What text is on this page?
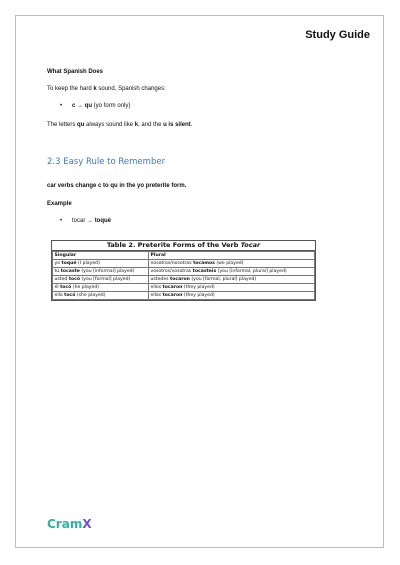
Study Guide
What Spanish Does
To keep the hard k sound, Spanish changes:
• c → qu (yo form only)
The letters qu always sound like k, and the u is silent.
2.3 Easy Rule to Remember
car verbs change c to qu in the yo preterite form.
Example
• tocar → toqué
Table 2. Preterite Forms of the Verb Tocar
Singular	Plural
yo toqué (I played)	nosotros/nosotras tocamos (we played)
tú tocaste (you [informal] played)	vosotros/vosotras tocasteis (you [informal, plural] played)
usted tocó (you [formal] played)	ustedes tocaron (you [formal, plural] played)
él tocó (he played)	ellos tocaron (they played)
ella tocó (she played)	ellas tocaron (they played)
CramX
